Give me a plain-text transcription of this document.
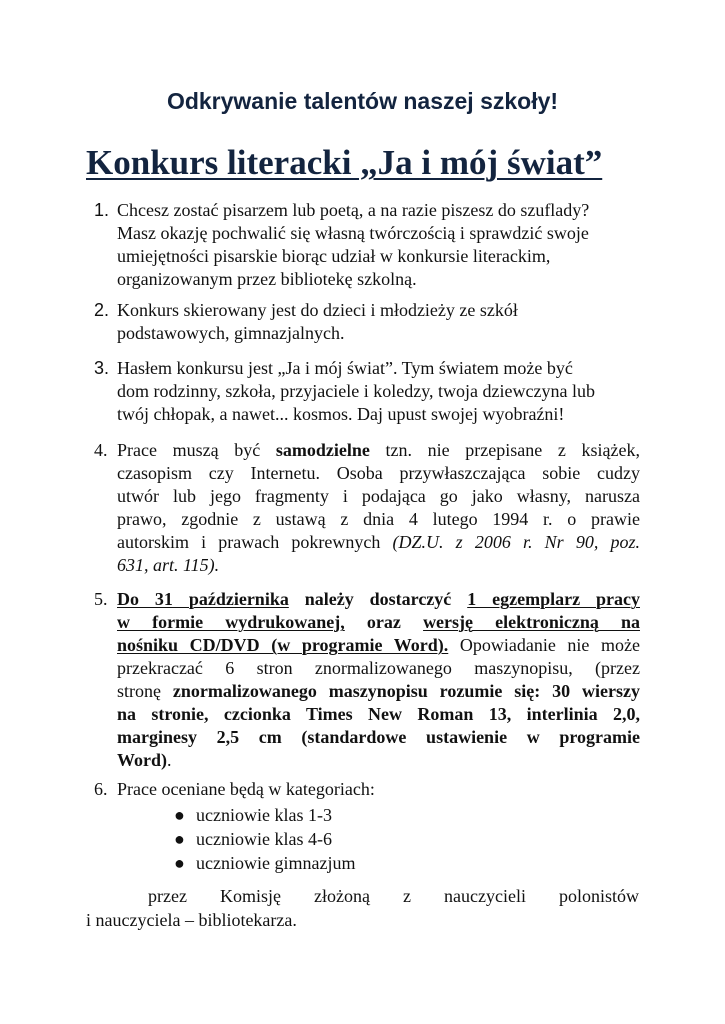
Odkrywanie talentów naszej szkoły!
Konkurs literacki „Ja i mój świat”
1. Chcesz zostać pisarzem lub poetą, a na razie piszesz do szuflady?

Masz okazję pochwalić się własną twórczością i sprawdzić swoje

umiejętności pisarskie biorąc udział w konkursie literackim,

organizowanym przez bibliotekę szkolną.

2. Konkurs skierowany jest do dzieci i młodzieży ze szkół

podstawowych, gimnazjalnych.

3. Hasłem konkursu jest „Ja i mój świat”. Tym światem może być

dom rodzinny, szkoła, przyjaciele i koledzy, twoja dziewczyna lub

twój chłopak, a nawet... kosmos. Daj upust swojej wyobraźni!

4. Prace muszą być samodzielne tzn. nie przepisane z książek,

czasopism czy Internetu. Osoba przywłaszczająca sobie cudzy

utwór lub jego fragmenty i podająca go jako własny, narusza

prawo, zgodnie z ustawą z dnia 4 lutego 1994 r. o prawie

autorskim i prawach pokrewnych (DZ.U. z 2006 r. Nr 90, poz.

631, art. 115).

5. Do 31 października należy dostarczyć 1 egzemplarz pracy

w formie wydrukowanej, oraz wersję elektroniczną na

nośniku CD/DVD (w programie Word). Opowiadanie nie może

przekraczać 6 stron znormalizowanego maszynopisu, (przez

stronę znormalizowanego maszynopisu rozumie się: 30 wierszy

na stronie, czcionka Times New Roman 13, interlinia 2,0,

marginesy 2,5 cm (standardowe ustawienie w programie

Word).

6. Prace oceniane będą w kategoriach:

● uczniowie klas 1-3
● uczniowie klas 4-6
● uczniowie gimnazjum

przez Komisję złożoną z nauczycieli polonistów

i nauczyciela – bibliotekarza.
